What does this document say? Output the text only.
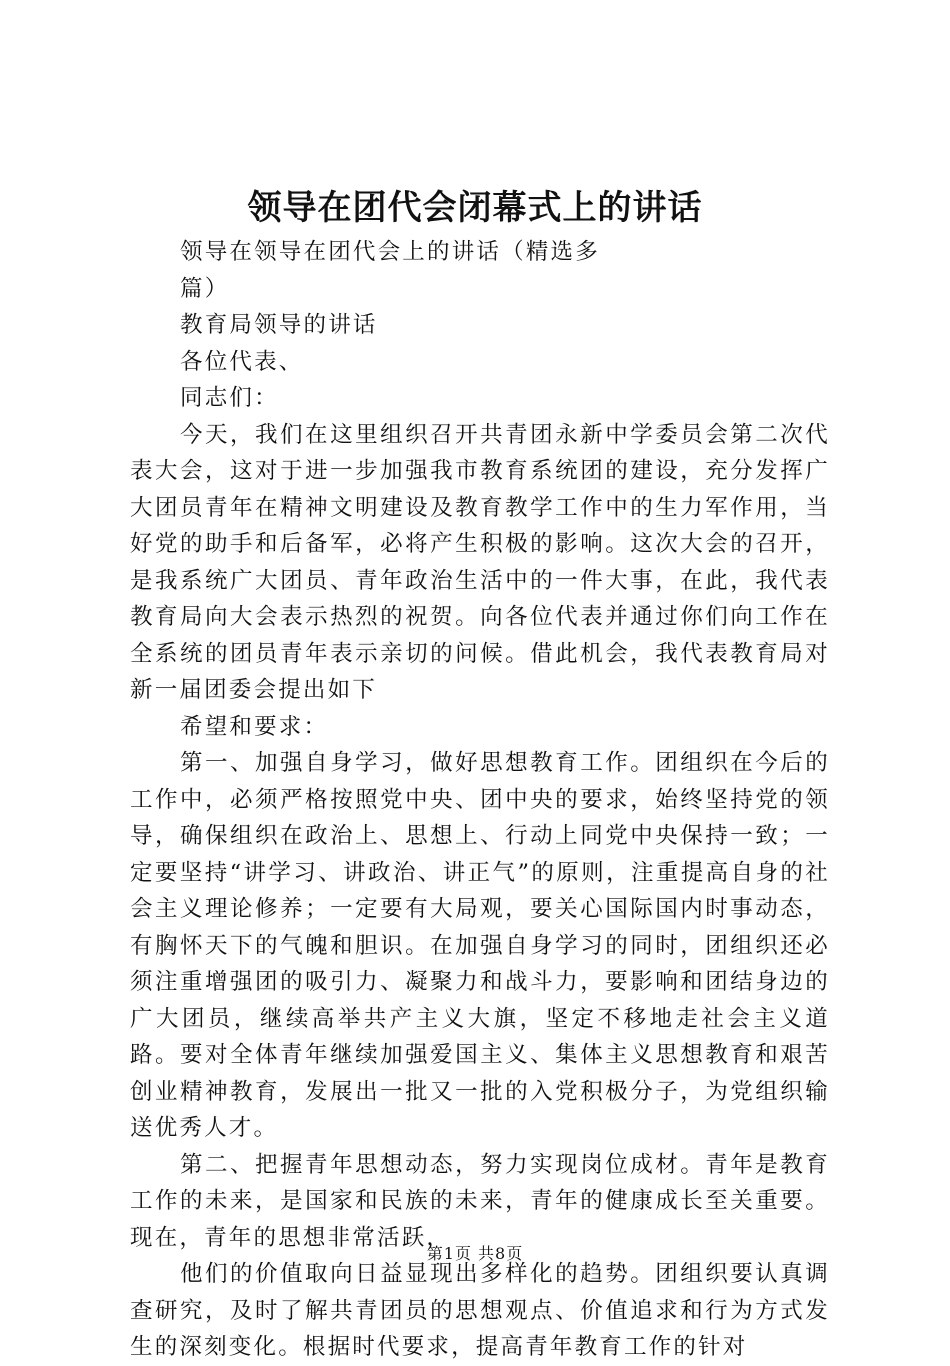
领导在团代会闭幕式上的讲话
领导在领导在团代会上的讲话（精选多篇）
教育局领导的讲话
各位代表、
同志们：
今天，我们在这里组织召开共青团永新中学委员会第二次代表大会，这对于进一步加强我市教育系统团的建设，充分发挥广大团员青年在精神文明建设及教育教学工作中的生力军作用，当好党的助手和后备军，必将产生积极的影响。这次大会的召开，是我系统广大团员、青年政治生活中的一件大事，在此，我代表教育局向大会表示热烈的祝贺。向各位代表并通过你们向工作在全系统的团员青年表示亲切的问候。借此机会，我代表教育局对新一届团委会提出如下
希望和要求：
第一、加强自身学习，做好思想教育工作。团组织在今后的工作中，必须严格按照党中央、团中央的要求，始终坚持党的领导，确保组织在政治上、思想上、行动上同党中央保持一致；一定要坚持“讲学习、讲政治、讲正气”的原则，注重提高自身的社会主义理论修养；一定要有大局观，要关心国际国内时事动态，有胸怀天下的气魄和胆识。在加强自身学习的同时，团组织还必须注重增强团的吸引力、凝聚力和战斗力，要影响和团结身边的广大团员，继续高举共产主义大旗，坚定不移地走社会主义道路。要对全体青年继续加强爱国主义、集体主义思想教育和艰苦创业精神教育，发展出一批又一批的入党积极分子，为党组织输送优秀人才。
第二、把握青年思想动态，努力实现岗位成材。青年是教育工作的未来，是国家和民族的未来，青年的健康成长至关重要。现在，青年的思想非常活跃，
他们的价值取向日益显现出多样化的趋势。团组织要认真调查研究，及时了解共青团员的思想观点、价值追求和行为方式发生的深刻变化。根据时代要求，提高青年教育工作的针对
第1页 共8页
